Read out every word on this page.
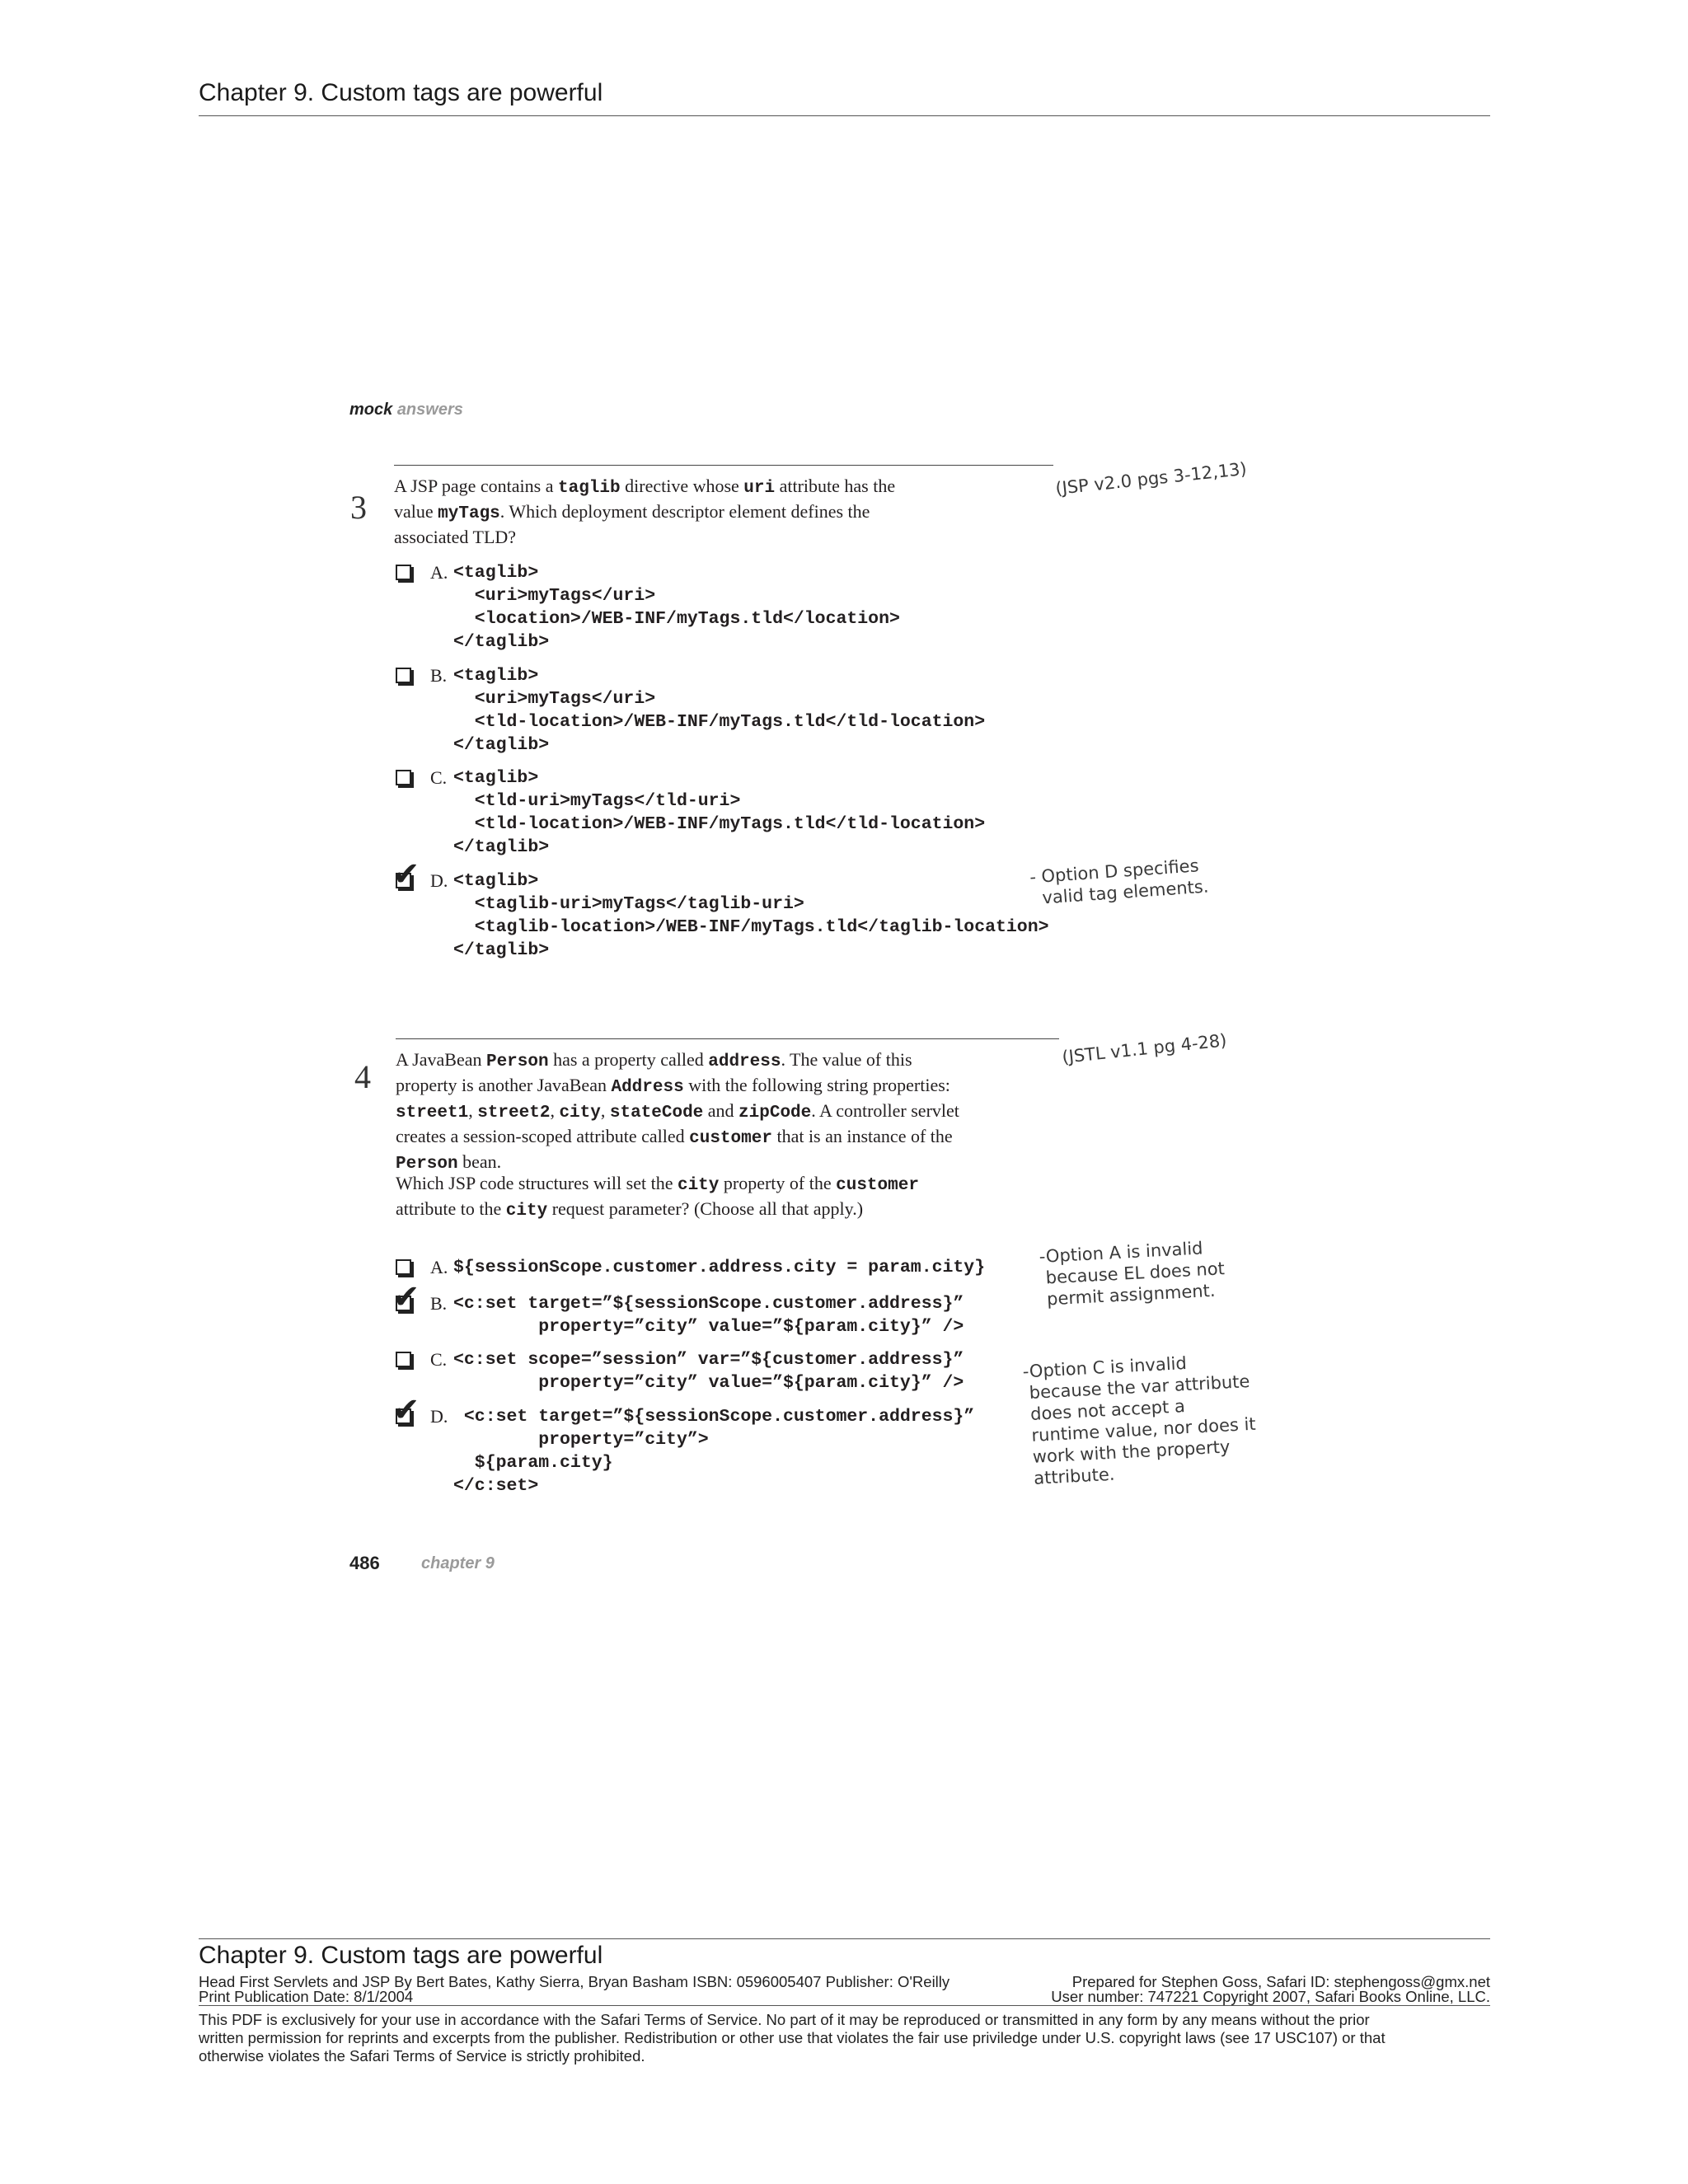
Chapter 9. Custom tags are powerful
mock answers
3
A JSP page contains a taglib directive whose uri attribute has the
value myTags. Which deployment descriptor element defines the
associated TLD?
(JSP v2.0 pgs 3-12,13)
A. <taglib>
<uri>myTags</uri>
<location>/WEB-INF/myTags.tld</location>
</taglib>
B. <taglib>
<uri>myTags</uri>
<tld-location>/WEB-INF/myTags.tld</tld-location>
</taglib>
C. <taglib>
<tld-uri>myTags</tld-uri>
<tld-location>/WEB-INF/myTags.tld</tld-location>
</taglib>
✔ D. <taglib>
<taglib-uri>myTags</taglib-uri>
<taglib-location>/WEB-INF/myTags.tld</taglib-location>
</taglib>
- Option D specifies
valid tag elements.
4 A JavaBean Person has a property called address. The value of this
property is another JavaBean Address with the following string properties:
street1, street2, city, stateCode and zipCode. A controller servlet
creates a session-scoped attribute called customer that is an instance of the
Person bean.
Which JSP code structures will set the city property of the customer
attribute to the city request parameter? (Choose all that apply.)
(JSTL v1.1 pg 4-28)
A. ${sessionScope.customer.address.city = param.city}
✔ B. <c:set target=”${sessionScope.customer.address}”
property=”city” value=”${param.city}” />
C. <c:set scope=”session” var=”${customer.address}”
property=”city” value=”${param.city}” />
✔ D. <c:set target=”${sessionScope.customer.address}”
property=”city”>
${param.city}
</c:set>
-Option A is invalid
because EL does not
permit assignment.
-Option C is invalid
because the var attribute
does not accept a
runtime value, nor does it
work with the property
attribute.
486	chapter 9
Chapter 9. Custom tags are powerful
Head First Servlets and JSP By Bert Bates, Kathy Sierra, Bryan Basham ISBN: 0596005407 Publisher: O'Reilly	Prepared for Stephen Goss, Safari ID: stephengoss@gmx.net
Print Publication Date: 8/1/2004	User number: 747221 Copyright 2007, Safari Books Online, LLC.
This PDF is exclusively for your use in accordance with the Safari Terms of Service. No part of it may be reproduced or transmitted in any form by any means without the prior
written permission for reprints and excerpts from the publisher. Redistribution or other use that violates the fair use priviledge under U.S. copyright laws (see 17 USC107) or that
otherwise violates the Safari Terms of Service is strictly prohibited.
